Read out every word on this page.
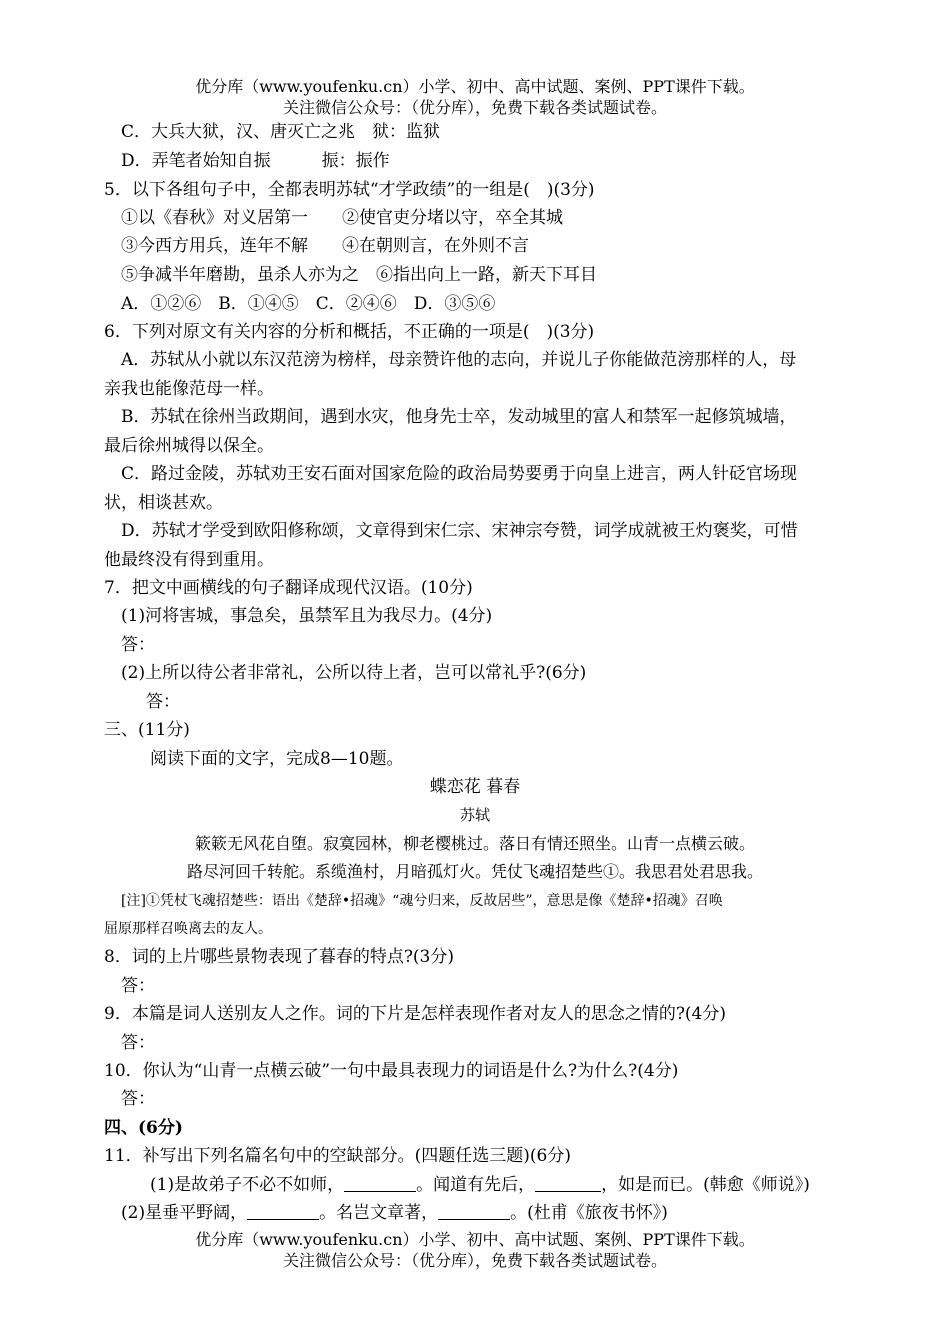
优分库（www.youfenku.cn）小学、初中、高中试题、案例、PPT课件下载。
关注微信公众号：（优分库），免费下载各类试题试卷。
C．大兵大狱，汉、唐灭亡之兆　狱：监狱
D．弄笔者始知自振　　　振：振作
5．以下各组句子中，全都表明苏轼“才学政绩”的一组是(　)(3分)
①以《春秋》对义居第一　　②使官吏分堵以守，卒全其城
③今西方用兵，连年不解　　④在朝则言，在外则不言
⑤争减半年磨勘，虽杀人亦为之　⑥指出向上一路，新天下耳目
A．①②⑥　B．①④⑤　C．②④⑥　D．③⑤⑥
6．下列对原文有关内容的分析和概括，不正确的一项是(　)(3分)
A．苏轼从小就以东汉范滂为榜样，母亲赞许他的志向，并说儿子你能做范滂那样的人，母
亲我也能像范母一样。
B．苏轼在徐州当政期间，遇到水灾，他身先士卒，发动城里的富人和禁军一起修筑城墙，
最后徐州城得以保全。
C．路过金陵，苏轼劝王安石面对国家危险的政治局势要勇于向皇上进言，两人针砭官场现
状，相谈甚欢。
D．苏轼才学受到欧阳修称颂，文章得到宋仁宗、宋神宗夸赞，词学成就被王灼褒奖，可惜
他最终没有得到重用。
7．把文中画横线的句子翻译成现代汉语。(10分)
(1)河将害城，事急矣，虽禁军且为我尽力。(4分)
答：
(2)上所以待公者非常礼，公所以待上者，岂可以常礼乎?(6分)
答：
三、(11分)
阅读下面的文字，完成8—10题。
蝶恋花 暮春
苏轼
簌簌无风花自堕。寂寞园林，柳老樱桃过。落日有情还照坐。山青一点横云破。
路尽河回千转舵。系缆渔村，月暗孤灯火。凭仗飞魂招楚些①。我思君处君思我。
[注]①凭杖飞魂招楚些：语出《楚辞•招魂》“魂兮归来，反故居些”，意思是像《楚辞•招魂》召唤
屈原那样召唤离去的友人。
8．词的上片哪些景物表现了暮春的特点?(3分)
答：
9．本篇是词人送别友人之作。词的下片是怎样表现作者对友人的思念之情的?(4分)
答：
10．你认为“山青一点横云破”一句中最具表现力的词语是什么?为什么?(4分)
答：
四、(6分)
11．补写出下列名篇名句中的空缺部分。(四题任选三题)(6分)
(1)是故弟子不必不如师，	。闻道有先后，	，如是而已。(韩愈《师说》)
(2)星垂平野阔，	。名岂文章著，	。(杜甫《旅夜书怀》)
优分库（www.youfenku.cn）小学、初中、高中试题、案例、PPT课件下载。
关注微信公众号：（优分库），免费下载各类试题试卷。
